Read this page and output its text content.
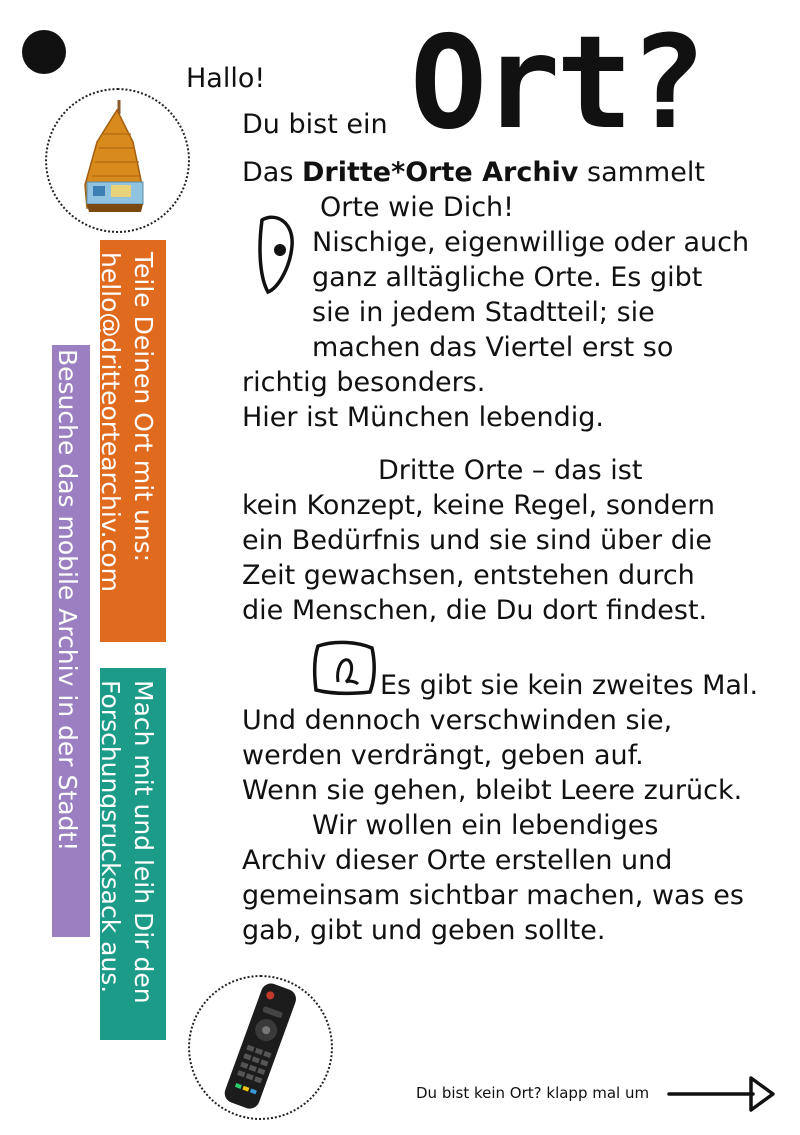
Hallo! Ort?
Du bist ein
Das Dritte*Orte Archiv sammelt
Orte wie Dich!
Nischige, eigenwillige oder auch
ganz alltägliche Orte. Es gibt
sie in jedem Stadtteil; sie
machen das Viertel erst so
richtig besonders.
Hier ist München lebendig.
Dritte Orte – das ist
kein Konzept, keine Regel, sondern
ein Bedürfnis und sie sind über die
Zeit gewachsen, entstehen durch
die Menschen, die Du dort findest.
Es gibt sie kein zweites Mal.
Und dennoch verschwinden sie,
werden verdrängt, geben auf.
Wenn sie gehen, bleibt Leere zurück.
Wir wollen ein lebendiges
Archiv dieser Orte erstellen und
gemeinsam sichtbar machen, was es
gab, gibt und geben sollte.
Teile Deinen Ort mit uns:
hello@dritteortearchiv.com
Besuche das mobile Archiv in der Stadt! Mach mit und leih Dir den
Forschungsrucksack aus.
Du bist kein Ort? klapp mal um
